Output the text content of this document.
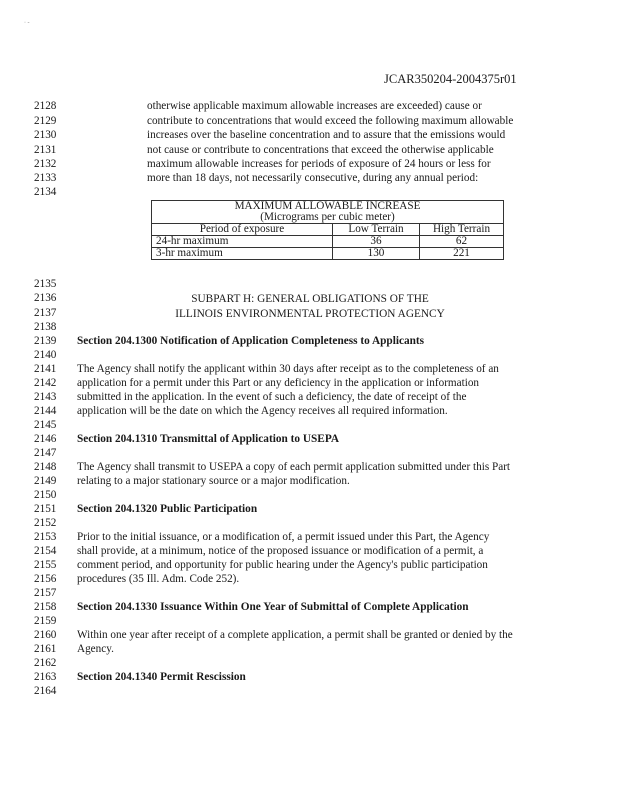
· -
JCAR350204-2004375r01
2128
2129
2130
2131
2132
2133
2134
2135
2136
2137
2138
2139
2140
2141
2142
2143
2144
2145
2146
2147
2148
2149
2150
2151
2152
2153
2154
2155
2156
2157
2158
2159
2160
2161
2162
2163
2164
otherwise applicable maximum allowable increases are exceeded) cause or
contribute to concentrations that would exceed the following maximum allowable
increases over the baseline concentration and to assure that the emissions would
not cause or contribute to concentrations that exceed the otherwise applicable
maximum allowable increases for periods of exposure of 24 hours or less for
more than 18 days, not necessarily consecutive, during any annual period:
MAXIMUM ALLOWABLE INCREASE
(Micrograms per cubic meter)		

Period of exposure	Low Terrain	High Terrain
24-hr maximum	36	62
3-hr maximum	130	221
SUBPART H: GENERAL OBLIGATIONS OF THE
ILLINOIS ENVIRONMENTAL PROTECTION AGENCY
Section 204.1300 Notification of Application Completeness to Applicants
The Agency shall notify the applicant within 30 days after receipt as to the completeness of an
application for a permit under this Part or any deficiency in the application or information
submitted in the application. In the event of such a deficiency, the date of receipt of the
application will be the date on which the Agency receives all required information.
Section 204.1310 Transmittal of Application to USEPA
The Agency shall transmit to USEPA a copy of each permit application submitted under this Part
relating to a major stationary source or a major modification.
Section 204.1320 Public Participation
Prior to the initial issuance, or a modification of, a permit issued under this Part, the Agency
shall provide, at a minimum, notice of the proposed issuance or modification of a permit, a
comment period, and opportunity for public hearing under the Agency's public participation
procedures (35 Ill. Adm. Code 252).
Section 204.1330 Issuance Within One Year of Submittal of Complete Application
Within one year after receipt of a complete application, a permit shall be granted or denied by the
Agency.
Section 204.1340 Permit Rescission
